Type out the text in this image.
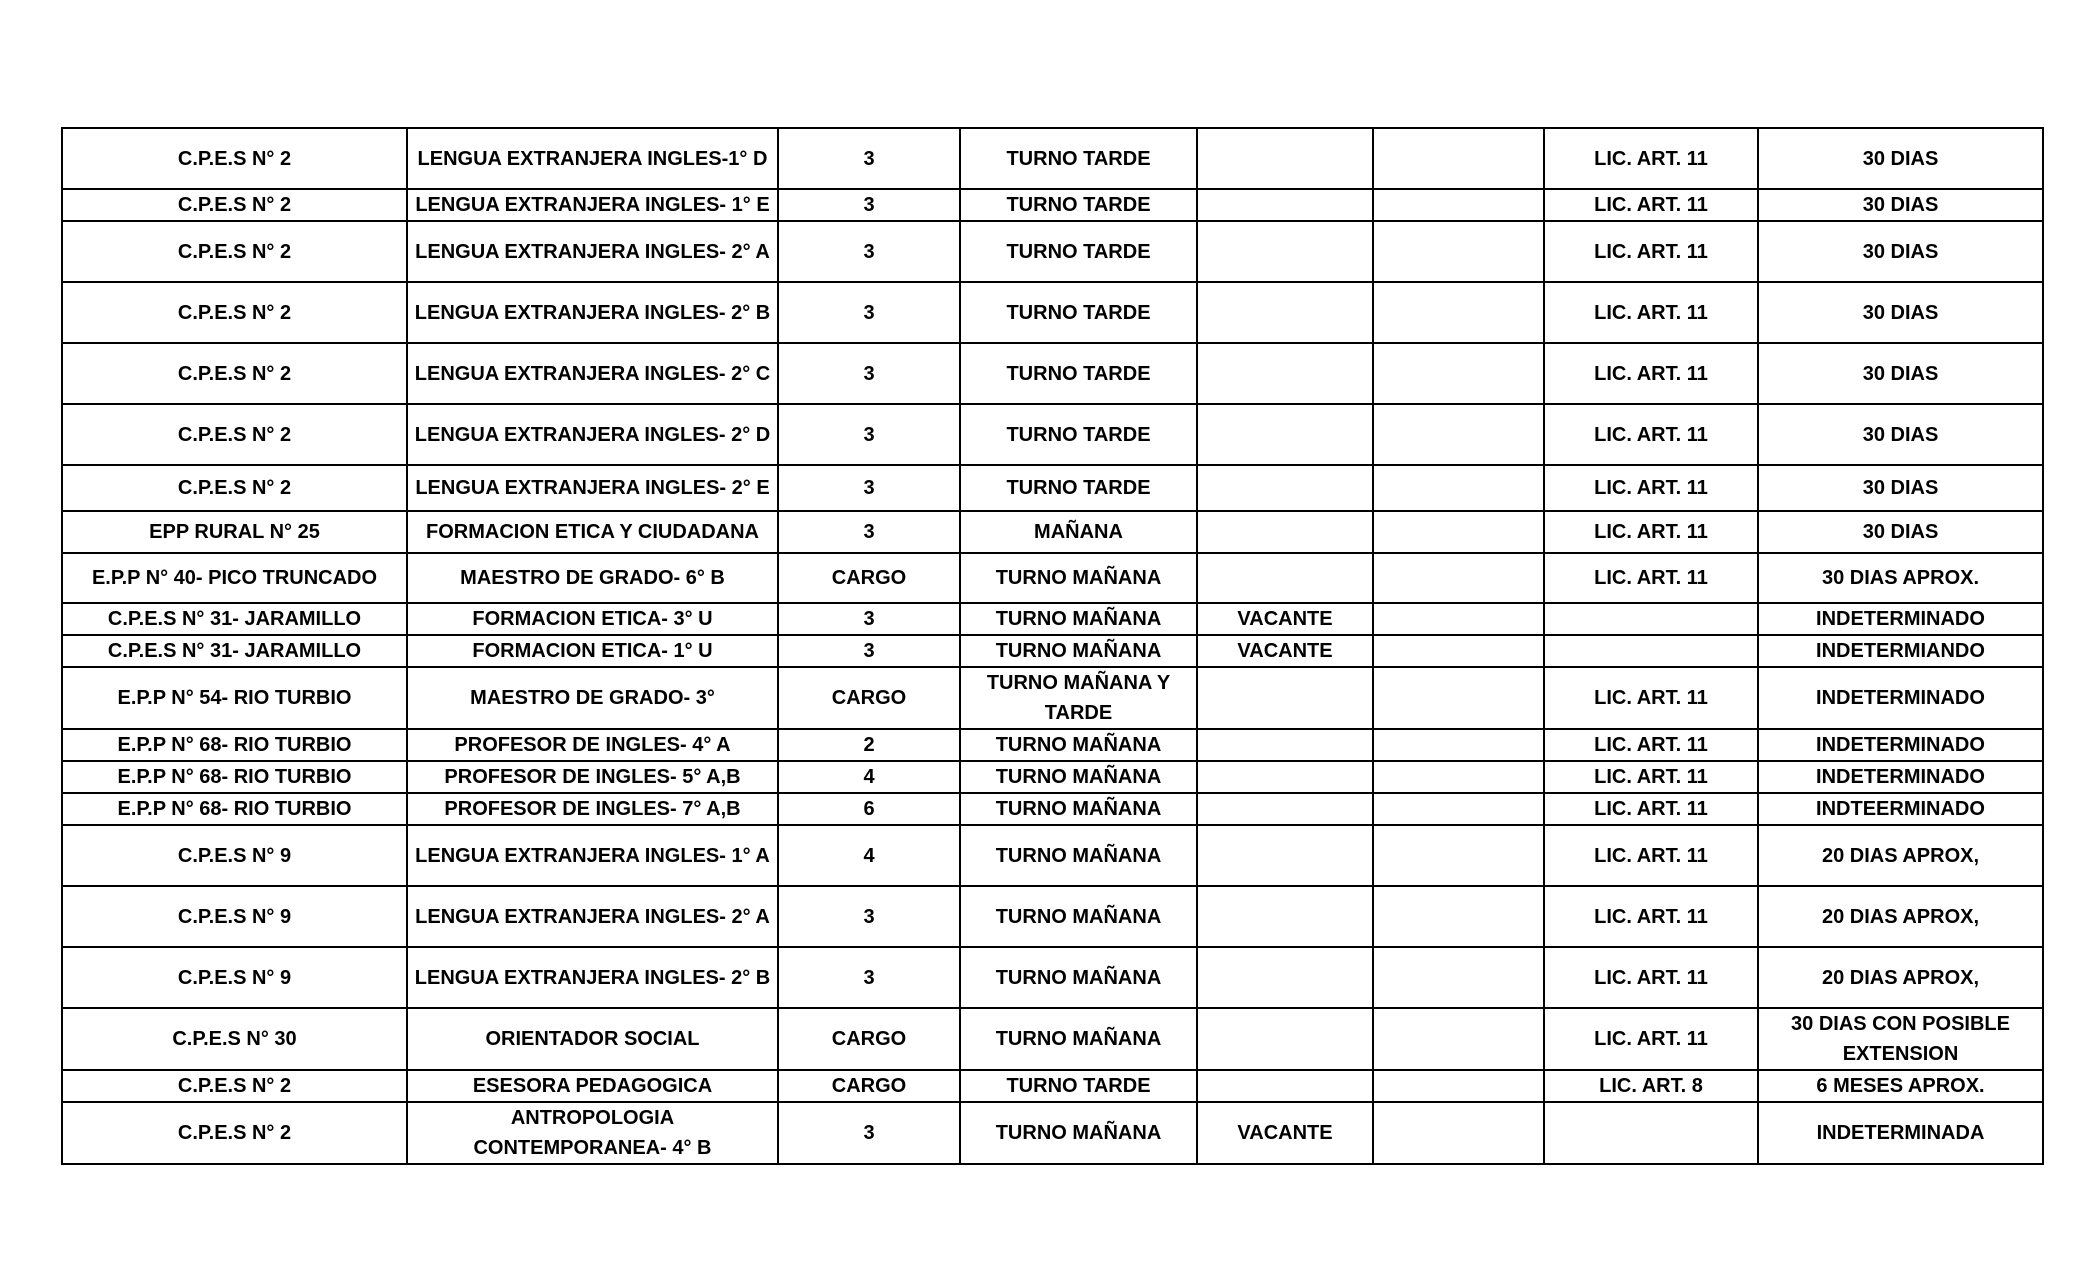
C.P.E.S N° 2	LENGUA EXTRANJERA INGLES-1° D	3	TURNO TARDE			LIC. ART. 11	30 DIAS
C.P.E.S N° 2	LENGUA EXTRANJERA INGLES- 1° E	3	TURNO TARDE			LIC. ART. 11	30 DIAS
C.P.E.S N° 2	LENGUA EXTRANJERA INGLES- 2° A	3	TURNO TARDE			LIC. ART. 11	30 DIAS
C.P.E.S N° 2	LENGUA EXTRANJERA INGLES- 2° B	3	TURNO TARDE			LIC. ART. 11	30 DIAS
C.P.E.S N° 2	LENGUA EXTRANJERA INGLES- 2° C	3	TURNO TARDE			LIC. ART. 11	30 DIAS
C.P.E.S N° 2	LENGUA EXTRANJERA INGLES- 2° D	3	TURNO TARDE			LIC. ART. 11	30 DIAS
C.P.E.S N° 2	LENGUA EXTRANJERA INGLES- 2° E	3	TURNO TARDE			LIC. ART. 11	30 DIAS
EPP RURAL N° 25	FORMACION ETICA Y CIUDADANA	3	MAÑANA			LIC. ART. 11	30 DIAS
E.P.P N° 40- PICO TRUNCADO	MAESTRO DE GRADO- 6° B	CARGO	TURNO MAÑANA			LIC. ART. 11	30 DIAS APROX.
C.P.E.S N° 31- JARAMILLO	FORMACION ETICA- 3° U	3	TURNO MAÑANA	VACANTE			INDETERMINADO
C.P.E.S N° 31- JARAMILLO	FORMACION ETICA- 1° U	3	TURNO MAÑANA	VACANTE			INDETERMIANDO
E.P.P N° 54- RIO TURBIO	MAESTRO DE GRADO- 3°	CARGO	TURNO MAÑANA Y TARDE			LIC. ART. 11	INDETERMINADO
E.P.P N° 68- RIO TURBIO	PROFESOR DE INGLES- 4° A	2	TURNO MAÑANA			LIC. ART. 11	INDETERMINADO
E.P.P N° 68- RIO TURBIO	PROFESOR DE INGLES- 5° A,B	4	TURNO MAÑANA			LIC. ART. 11	INDETERMINADO
E.P.P N° 68- RIO TURBIO	PROFESOR DE INGLES- 7° A,B	6	TURNO MAÑANA			LIC. ART. 11	INDTEERMINADO
C.P.E.S N° 9	LENGUA EXTRANJERA INGLES- 1° A	4	TURNO MAÑANA			LIC. ART. 11	20 DIAS APROX,
C.P.E.S N° 9	LENGUA EXTRANJERA INGLES- 2° A	3	TURNO MAÑANA			LIC. ART. 11	20 DIAS APROX,
C.P.E.S N° 9	LENGUA EXTRANJERA INGLES- 2° B	3	TURNO MAÑANA			LIC. ART. 11	20 DIAS APROX,
C.P.E.S N° 30	ORIENTADOR SOCIAL	CARGO	TURNO MAÑANA			LIC. ART. 11	30 DIAS CON POSIBLE EXTENSION
C.P.E.S N° 2	ESESORA PEDAGOGICA	CARGO	TURNO TARDE			LIC. ART. 8	6 MESES APROX.
C.P.E.S N° 2	ANTROPOLOGIA CONTEMPORANEA- 4° B	3	TURNO MAÑANA	VACANTE			INDETERMINADA
